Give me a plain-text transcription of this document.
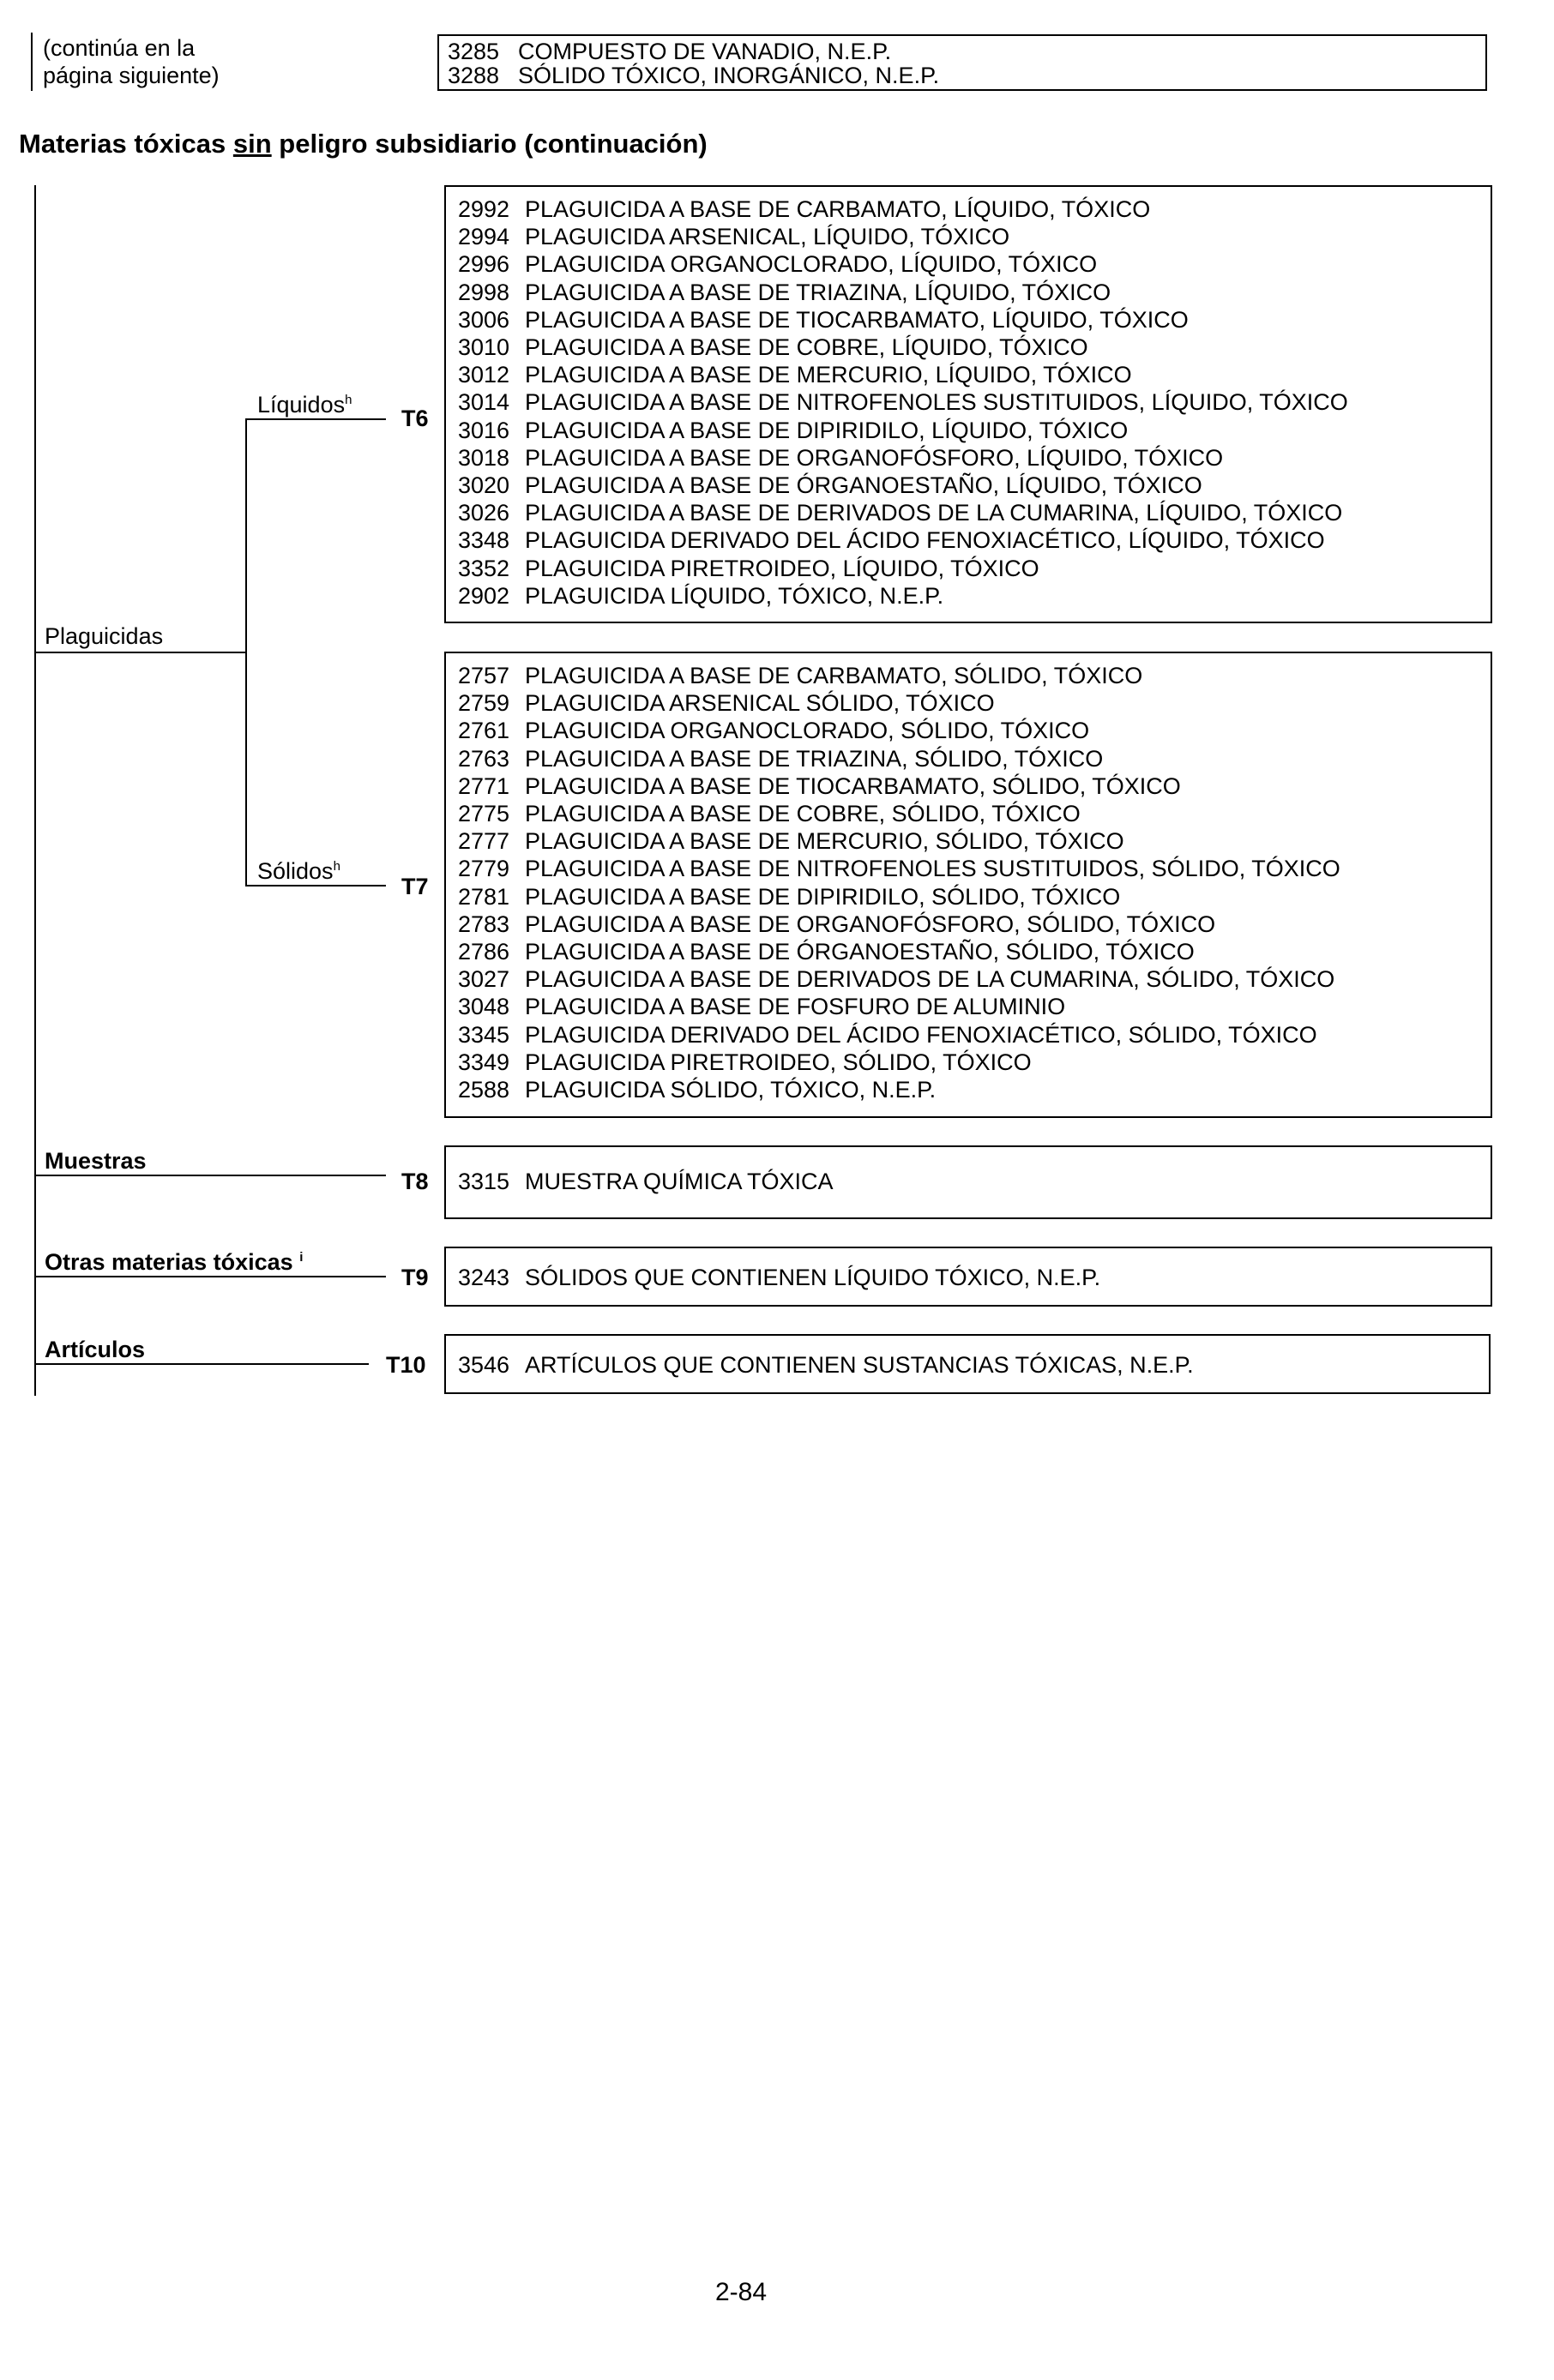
(continúa en la
página siguiente)
3285 COMPUESTO DE VANADIO, N.E.P.
3288 SÓLIDO TÓXICO, INORGÁNICO, N.E.P.
Materias tóxicas sin peligro subsidiario (continuación)
Plaguicidas
Líquidos$^h$
T6
2992 PLAGUICIDA A BASE DE CARBAMATO, LÍQUIDO, TÓXICO
2994 PLAGUICIDA ARSENICAL, LÍQUIDO, TÓXICO
2996 PLAGUICIDA ORGANOCLORADO, LÍQUIDO, TÓXICO
2998 PLAGUICIDA A BASE DE TRIAZINA, LÍQUIDO, TÓXICO
3006 PLAGUICIDA A BASE DE TIOCARBAMATO, LÍQUIDO, TÓXICO
3010 PLAGUICIDA A BASE DE COBRE, LÍQUIDO, TÓXICO
3012 PLAGUICIDA A BASE DE MERCURIO, LÍQUIDO, TÓXICO
3014 PLAGUICIDA A BASE DE NITROFENOLES SUSTITUIDOS, LÍQUIDO, TÓXICO
3016 PLAGUICIDA A BASE DE DIPIRIDILO, LÍQUIDO, TÓXICO
3018 PLAGUICIDA A BASE DE ORGANOFÓSFORO, LÍQUIDO, TÓXICO
3020 PLAGUICIDA A BASE DE ÓRGANOESTAÑO, LÍQUIDO, TÓXICO
3026 PLAGUICIDA A BASE DE DERIVADOS DE LA CUMARINA, LÍQUIDO, TÓXICO
3348 PLAGUICIDA DERIVADO DEL ÁCIDO FENOXIACÉTICO, LÍQUIDO, TÓXICO
3352 PLAGUICIDA PIRETROIDEO, LÍQUIDO, TÓXICO
2902 PLAGUICIDA LÍQUIDO, TÓXICO, N.E.P.
Sólidos$^h$
T7
2757 PLAGUICIDA A BASE DE CARBAMATO, SÓLIDO, TÓXICO
2759 PLAGUICIDA ARSENICAL SÓLIDO, TÓXICO
2761 PLAGUICIDA ORGANOCLORADO, SÓLIDO, TÓXICO
2763 PLAGUICIDA A BASE DE TRIAZINA, SÓLIDO, TÓXICO
2771 PLAGUICIDA A BASE DE TIOCARBAMATO, SÓLIDO, TÓXICO
2775 PLAGUICIDA A BASE DE COBRE, SÓLIDO, TÓXICO
2777 PLAGUICIDA A BASE DE MERCURIO, SÓLIDO, TÓXICO
2779 PLAGUICIDA A BASE DE NITROFENOLES SUSTITUIDOS, SÓLIDO, TÓXICO
2781 PLAGUICIDA A BASE DE DIPIRIDILO, SÓLIDO, TÓXICO
2783 PLAGUICIDA A BASE DE ORGANOFÓSFORO, SÓLIDO, TÓXICO
2786 PLAGUICIDA A BASE DE ÓRGANOESTAÑO, SÓLIDO, TÓXICO
3027 PLAGUICIDA A BASE DE DERIVADOS DE LA CUMARINA, SÓLIDO, TÓXICO
3048 PLAGUICIDA A BASE DE FOSFURO DE ALUMINIO
3345 PLAGUICIDA DERIVADO DEL ÁCIDO FENOXIACÉTICO, SÓLIDO, TÓXICO
3349 PLAGUICIDA PIRETROIDEO, SÓLIDO, TÓXICO
2588 PLAGUICIDA SÓLIDO, TÓXICO, N.E.P.
Muestras
T8 3315 MUESTRA QUÍMICA TÓXICA
Otras materias tóxicas $^i$
T9 3243 SÓLIDOS QUE CONTIENEN LÍQUIDO TÓXICO, N.E.P.
Artículos
T10 3546 ARTÍCULOS QUE CONTIENEN SUSTANCIAS TÓXICAS, N.E.P.
2-84
